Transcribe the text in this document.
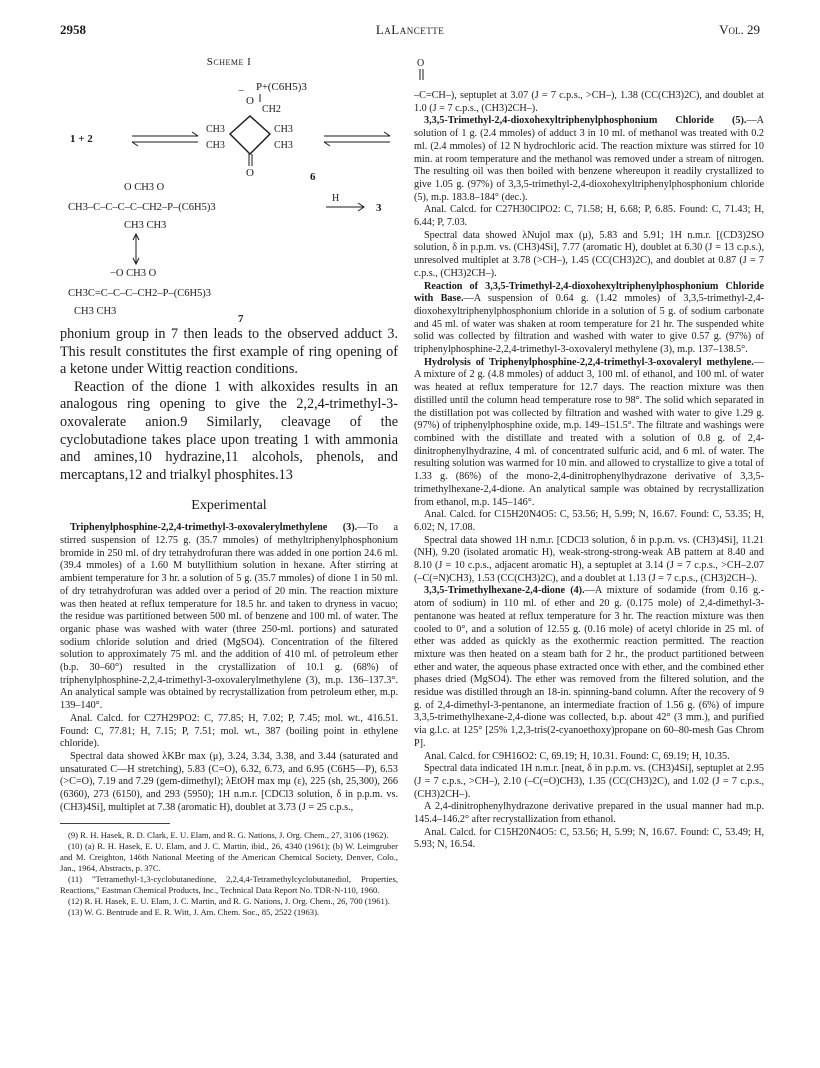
2958	LaLancette	Vol. 29
Scheme I
1 + 2
P+(C6H5)3
−
O
CH2
CH3	CH3
CH3	CH3
O	6
O CH3 O
CH3–C–C–C–C–CH2–P–(C6H5)3
CH3 CH3
H
3
−O CH3 O
CH3C=C–C–C–CH2–P–(C6H5)3
CH3 CH3
7

phonium group in 7 then leads to the observed adduct 3. This result constitutes the first example of ring opening of a ketone under Wittig reaction conditions.

Reaction of the dione 1 with alkoxides results in an analogous ring opening to give the 2,2,4-trimethyl-3-oxovalerate anion.9 Similarly, cleavage of the cyclobutadione takes place upon treating 1 with ammonia and amines,10 hydrazine,11 alcohols, phenols, and mercaptans,12 and trialkyl phosphites.13

Experimental

Triphenylphosphine-2,2,4-trimethyl-3-oxovalerylmethylene (3).—To a stirred suspension of 12.75 g. (35.7 mmoles) of methyltriphenylphosphonium bromide in 250 ml. of dry tetrahydrofuran there was added in one portion 24.6 ml. (39.4 mmoles) of a 1.60 M butyllithium solution in hexane. After stirring at ambient temperature for 3 hr. a solution of 5 g. (35.7 mmoles) of dione 1 in 50 ml. of dry tetrahydrofuran was added over a period of 20 min. The reaction mixture was then heated at reflux temperature for 18.5 hr. and taken to dryness in vacuo; the residue was partitioned between 500 ml. of benzene and 100 ml. of water. The organic phase was washed with water (three 250-ml. portions) and saturated sodium chloride solution and dried (MgSO4). Concentration of the filtered solution to approximately 75 ml. and the addition of 410 ml. of petroleum ether (b.p. 30–60°) resulted in the crystallization of 10.1 g. (68%) of triphenylphosphine-2,2,4-trimethyl-3-oxovalerylmethylene (3), m.p. 136–137.3°. An analytical sample was obtained by recrystallization from petroleum ether, m.p. 139–140°.

Anal. Calcd. for C27H29PO2: C, 77.85; H, 7.02; P, 7.45; mol. wt., 416.51. Found: C, 77.81; H, 7.15; P, 7.51; mol. wt., 387 (boiling point in ethylene chloride).

Spectral data showed λKBr max (μ), 3.24, 3.34, 3.38, and 3.44 (saturated and unsaturated C—H stretching), 5.83 (C=O), 6.32, 6.73, and 6.95 (C6H5—P), 6.53 (>C=O), 7.19 and 7.29 (gem-dimethyl); λEtOH max mμ (ε), 225 (sh, 25,300), 266 (6360), 273 (6150), and 293 (5950); 1H n.m.r. [CDCl3 solution, δ in p.p.m. vs. (CH3)4Si], multiplet at 7.38 (aromatic H), doublet at 3.73 (J = 25 c.p.s.,

(9) R. H. Hasek, R. D. Clark, E. U. Elam, and R. G. Nations, J. Org. Chem., 27, 3106 (1962).

(10) (a) R. H. Hasek, E. U. Elam, and J. C. Martin, ibid., 26, 4340 (1961); (b) W. Leimgruber and M. Creighton, 146th National Meeting of the American Chemical Society, Denver, Colo., Jan., 1964, Abstracts, p. 37C.

(11) "Tetramethyl-1,3-cyclobutanedione, 2,2,4,4-Tetramethylcyclobutanediol, Properties, Reactions," Eastman Chemical Products, Inc., Technical Data Report No. TDR-N-110, 1960.

(12) R. H. Hasek, E. U. Elam, J. C. Martin, and R. G. Nations, J. Org. Chem., 26, 700 (1961).

(13) W. G. Bentrude and E. R. Witt, J. Am. Chem. Soc., 85, 2522 (1963).

O

–C=CH–), septuplet at 3.07 (J = 7 c.p.s., >CH–), 1.38 (CC(CH3)2C), and doublet at 1.0 (J = 7 c.p.s., (CH3)2CH–).

3,3,5-Trimethyl-2,4-dioxohexyltriphenylphosphonium Chloride (5).—A solution of 1 g. (2.4 mmoles) of adduct 3 in 10 ml. of methanol was treated with 0.2 ml. (2.4 mmoles) of 12 N hydrochloric acid. The reaction mixture was stirred for 10 min. at room temperature and the methanol was removed under a stream of nitrogen. The resulting oil was then boiled with benzene whereupon it readily crystallized to give 1.05 g. (97%) of 3,3,5-trimethyl-2,4-dioxohexyltriphenylphosphonium chloride (5), m.p. 183.8–184° (dec.).

Anal. Calcd. for C27H30ClPO2: C, 71.58; H, 6.68; P, 6.85. Found: C, 71.43; H, 6.44; P, 7.03.

Spectral data showed λNujol max (μ), 5.83 and 5.91; 1H n.m.r. [(CD3)2SO solution, δ in p.p.m. vs. (CH3)4Si], 7.77 (aromatic H), doublet at 6.30 (J = 13 c.p.s.), unresolved multiplet at 3.78 (>CH–), 1.45 (CC(CH3)2C), and doublet at 0.87 (J = 7 c.p.s., (CH3)2CH–).

Reaction of 3,3,5-Trimethyl-2,4-dioxohexyltriphenylphosphonium Chloride with Base.—A suspension of 0.64 g. (1.42 mmoles) of 3,3,5-trimethyl-2,4-dioxohexyltriphenylphosphonium chloride in a solution of 5 g. of sodium carbonate and 45 ml. of water was shaken at room temperature for 21 hr. The suspended white solid was collected by filtration and washed with water to give 0.57 g. (97%) of triphenylphosphine-2,2,4-trimethyl-3-oxovaleryl methylene (3), m.p. 137–138.5°.

Hydrolysis of Triphenylphosphine-2,2,4-trimethyl-3-oxovaleryl methylene.—A mixture of 2 g. (4.8 mmoles) of adduct 3, 100 ml. of ethanol, and 100 ml. of water was heated at reflux temperature for 12.7 days. The reaction mixture was then distilled until the column head temperature rose to 98°. The solid which separated in the distillation pot was collected by filtration and washed with water to give 1.29 g. (97%) of triphenylphosphine oxide, m.p. 149–151.5°. The filtrate and washings were combined with the distillate and treated with a solution of 0.8 g. of 2,4-dinitrophenylhydrazine, 4 ml. of concentrated sulfuric acid, and 6 ml. of water. The resulting solution was warmed for 10 min. and allowed to crystallize to give a total of 1.33 g. (86%) of the mono-2,4-dinitrophenylhydrazone derivative of 3,3,5-trimethylhexane-2,4-dione. An analytical sample was obtained by recrystallization from ethanol, m.p. 145–146°.

Anal. Calcd. for C15H20N4O5: C, 53.56; H, 5.99; N, 16.67. Found: C, 53.35; H, 6.02; N, 17.08.

Spectral data showed 1H n.m.r. [CDCl3 solution, δ in p.p.m. vs. (CH3)4Si], 11.21 (NH), 9.20 (isolated aromatic H), weak-strong-strong-weak AB pattern at 8.40 and 8.10 (J = 10 c.p.s., adjacent aromatic H), a septuplet at 3.14 (J = 7 c.p.s., >CH–2.07 (–C(=N)CH3), 1.53 (CC(CH3)2C), and a doublet at 1.13 (J = 7 c.p.s., (CH3)2CH–).

3,3,5-Trimethylhexane-2,4-dione (4).—A mixture of sodamide (from 0.16 g.-atom of sodium) in 110 ml. of ether and 20 g. (0.175 mole) of 2,4-dimethyl-3-pentanone was heated at reflux temperature for 3 hr. The reaction mixture was then cooled to 0°, and a solution of 12.55 g. (0.16 mole) of acetyl chloride in 25 ml. of ether was added as quickly as the exothermic reaction permitted. The reaction mixture was then heated on a steam bath for 2 hr., the product partitioned between ether and water, the aqueous phase extracted once with ether, and the combined ether phases dried (MgSO4). The ether was removed from the filtered solution, and the residue was distilled through an 18-in. spinning-band column. After the recovery of 9 g. of 2,4-dimethyl-3-pentanone, an intermediate fraction of 1.56 g. (6%) of impure 3,3,5-trimethylhexane-2,4-dione was collected, b.p. about 42° (3 mm.), and purified via g.l.c. at 125° [25% 1,2,3-tris(2-cyanoethoxy)propane on 60–80-mesh Gas Chrom P].

Anal. Calcd. for C9H16O2: C, 69.19; H, 10.31. Found: C, 69.19; H, 10.35.

Spectral data indicated 1H n.m.r. [neat, δ in p.p.m. vs. (CH3)4Si], septuplet at 2.95 (J = 7 c.p.s., >CH–), 2.10 (–C(=O)CH3), 1.35 (CC(CH3)2C), and 1.02 (J = 7 c.p.s., (CH3)2CH–).

A 2,4-dinitrophenylhydrazone derivative prepared in the usual manner had m.p. 145.4–146.2° after recrystallization from ethanol.

Anal. Calcd. for C15H20N4O5: C, 53.56; H, 5.99; N, 16.67. Found: C, 53.49; H, 5.93; N, 16.54.
